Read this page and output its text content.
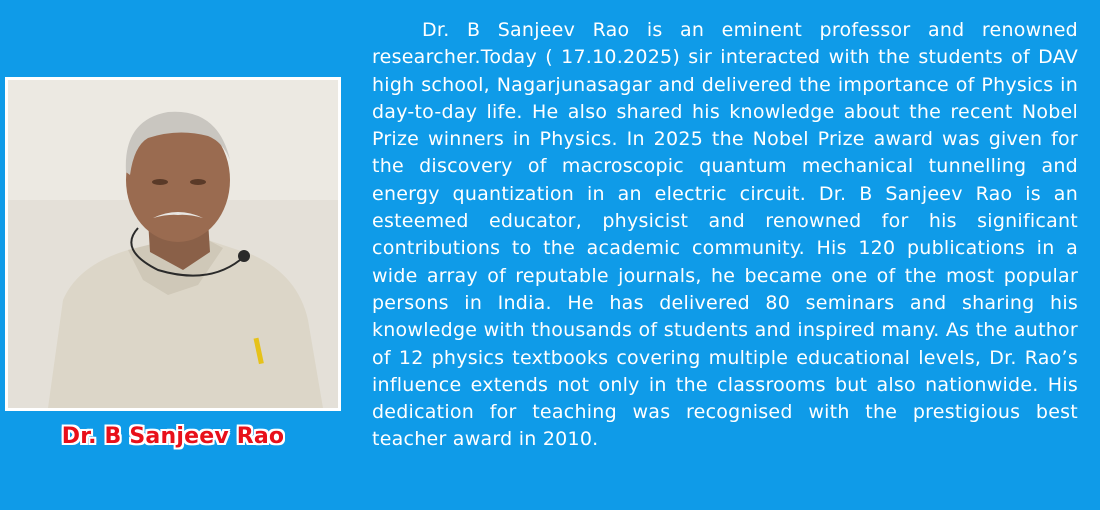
Dr. B Sanjeev Rao

Dr. B Sanjeev Rao is an eminent professor and renowned researcher.Today ( 17.10.2025) sir interacted with the students of DAV high school, Nagarjunasagar and delivered the importance of Physics in day-to-day life. He also shared his knowledge about the recent Nobel Prize winners in Physics. In 2025 the Nobel Prize award was given for the discovery of macroscopic quantum mechanical tunnelling and energy quantization in an electric circuit. Dr. B Sanjeev Rao is an esteemed educator, physicist and renowned for his significant contributions to the academic community. His 120 publications in a wide array of reputable journals, he became one of the most popular persons in India. He has delivered 80 seminars and sharing his knowledge with thousands of students and inspired many. As the author of 12 physics textbooks covering multiple educational levels, Dr. Rao’s influence extends not only in the classrooms but also nationwide. His dedication for teaching was recognised with the prestigious best teacher award in 2010.
